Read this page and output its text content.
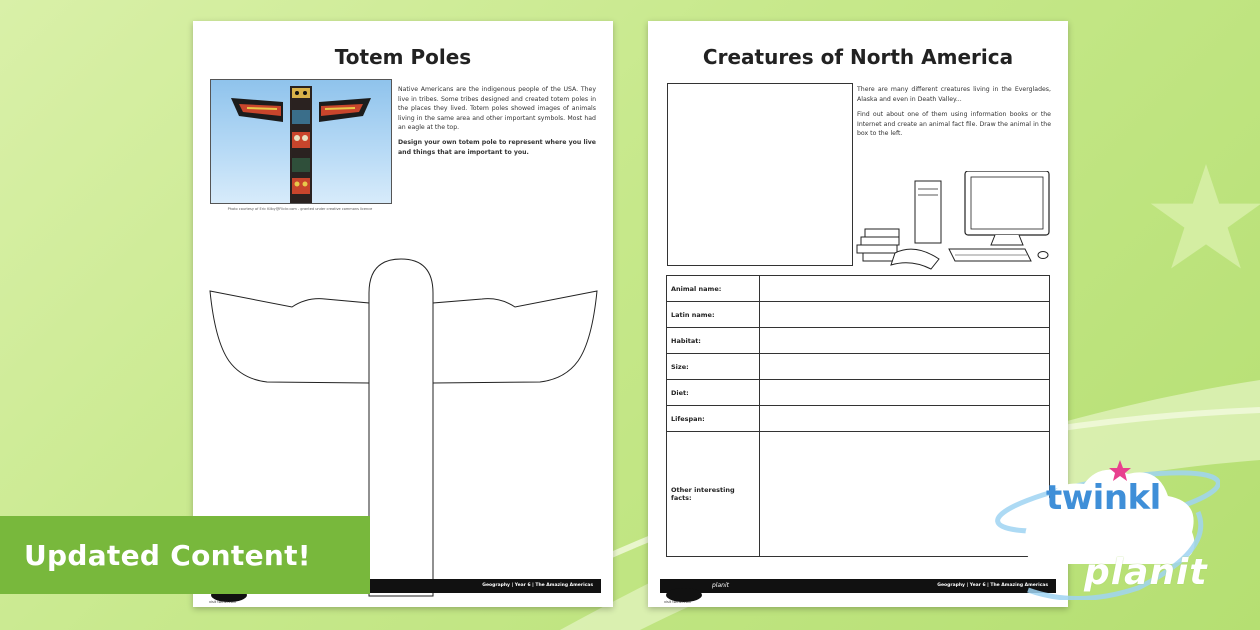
Totem Poles
Photo courtesy of Eric Kilby@Flickr.com - granted under creative commons licence

Native Americans are the indigenous people of the USA. They live in tribes. Some tribes designed and created totem poles in the places they lived. Totem poles showed images of animals living in the same area and other important symbols. Most had an eagle at the top.

Design your own totem pole to represent where you live and things that are important to you.

Geography | Year 6 | The Amazing Americas
visit twinkl.com
Creatures of North America

There are many different creatures living in the Everglades, Alaska and even in Death Valley...

Find out about one of them using information books or the Internet and create an animal fact file. Draw the animal in the box to the left.

Animal name:	
Latin name:	
Habitat:	
Size:	
Diet:	
Lifespan:	
Other interesting facts:	
Geography | Year 6 | The Amazing Americas
planit
visit twinkl.com
Updated Content!
twinkl
planit
